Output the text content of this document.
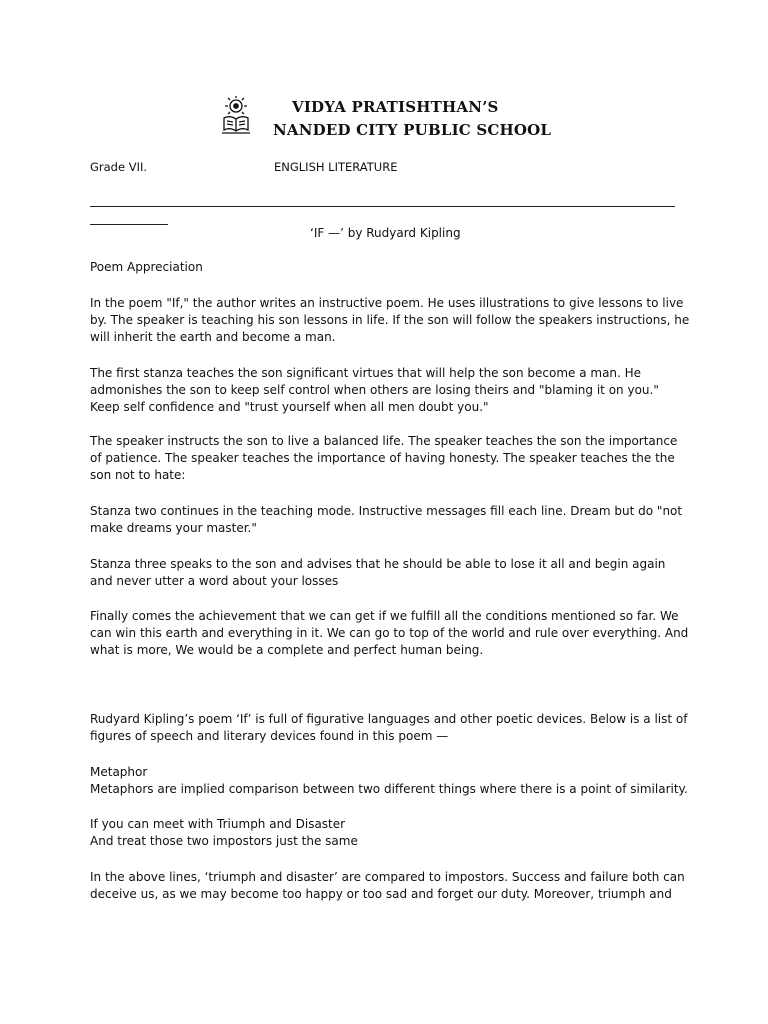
VIDYA PRATISHTHAN’S
NANDED CITY PUBLIC SCHOOL
Grade VII.	ENGLISH LITERATURE
‘IF —’ by Rudyard Kipling

Poem Appreciation

In the poem "If," the author writes an instructive poem. He uses illustrations to give lessons to live by. The speaker is teaching his son lessons in life. If the son will follow the speakers instructions, he will inherit the earth and become a man.

The first stanza teaches the son significant virtues that will help the son become a man. He admonishes the son to keep self control when others are losing theirs and "blaming it on you." Keep self confidence and "trust yourself when all men doubt you."

The speaker instructs the son to live a balanced life. The speaker teaches the son the importance of patience. The speaker teaches the importance of having honesty. The speaker teaches the the son not to hate:

Stanza two continues in the teaching mode. Instructive messages fill each line. Dream but do "not make dreams your master."

Stanza three speaks to the son and advises that he should be able to lose it all and begin again and never utter a word about your losses

Finally comes the achievement that we can get if we fulfill all the conditions mentioned so far. We can win this earth and everything in it. We can go to top of the world and rule over everything. And what is more, We would be a complete and perfect human being.

Rudyard Kipling’s poem ‘If’ is full of figurative languages and other poetic devices. Below is a list of figures of speech and literary devices found in this poem —

Metaphor

Metaphors are implied comparison between two different things where there is a point of similarity.

If you can meet with Triumph and Disaster

And treat those two impostors just the same

In the above lines, ‘triumph and disaster’ are compared to impostors. Success and failure both can deceive us, as we may become too happy or too sad and forget our duty. Moreover, triumph and
